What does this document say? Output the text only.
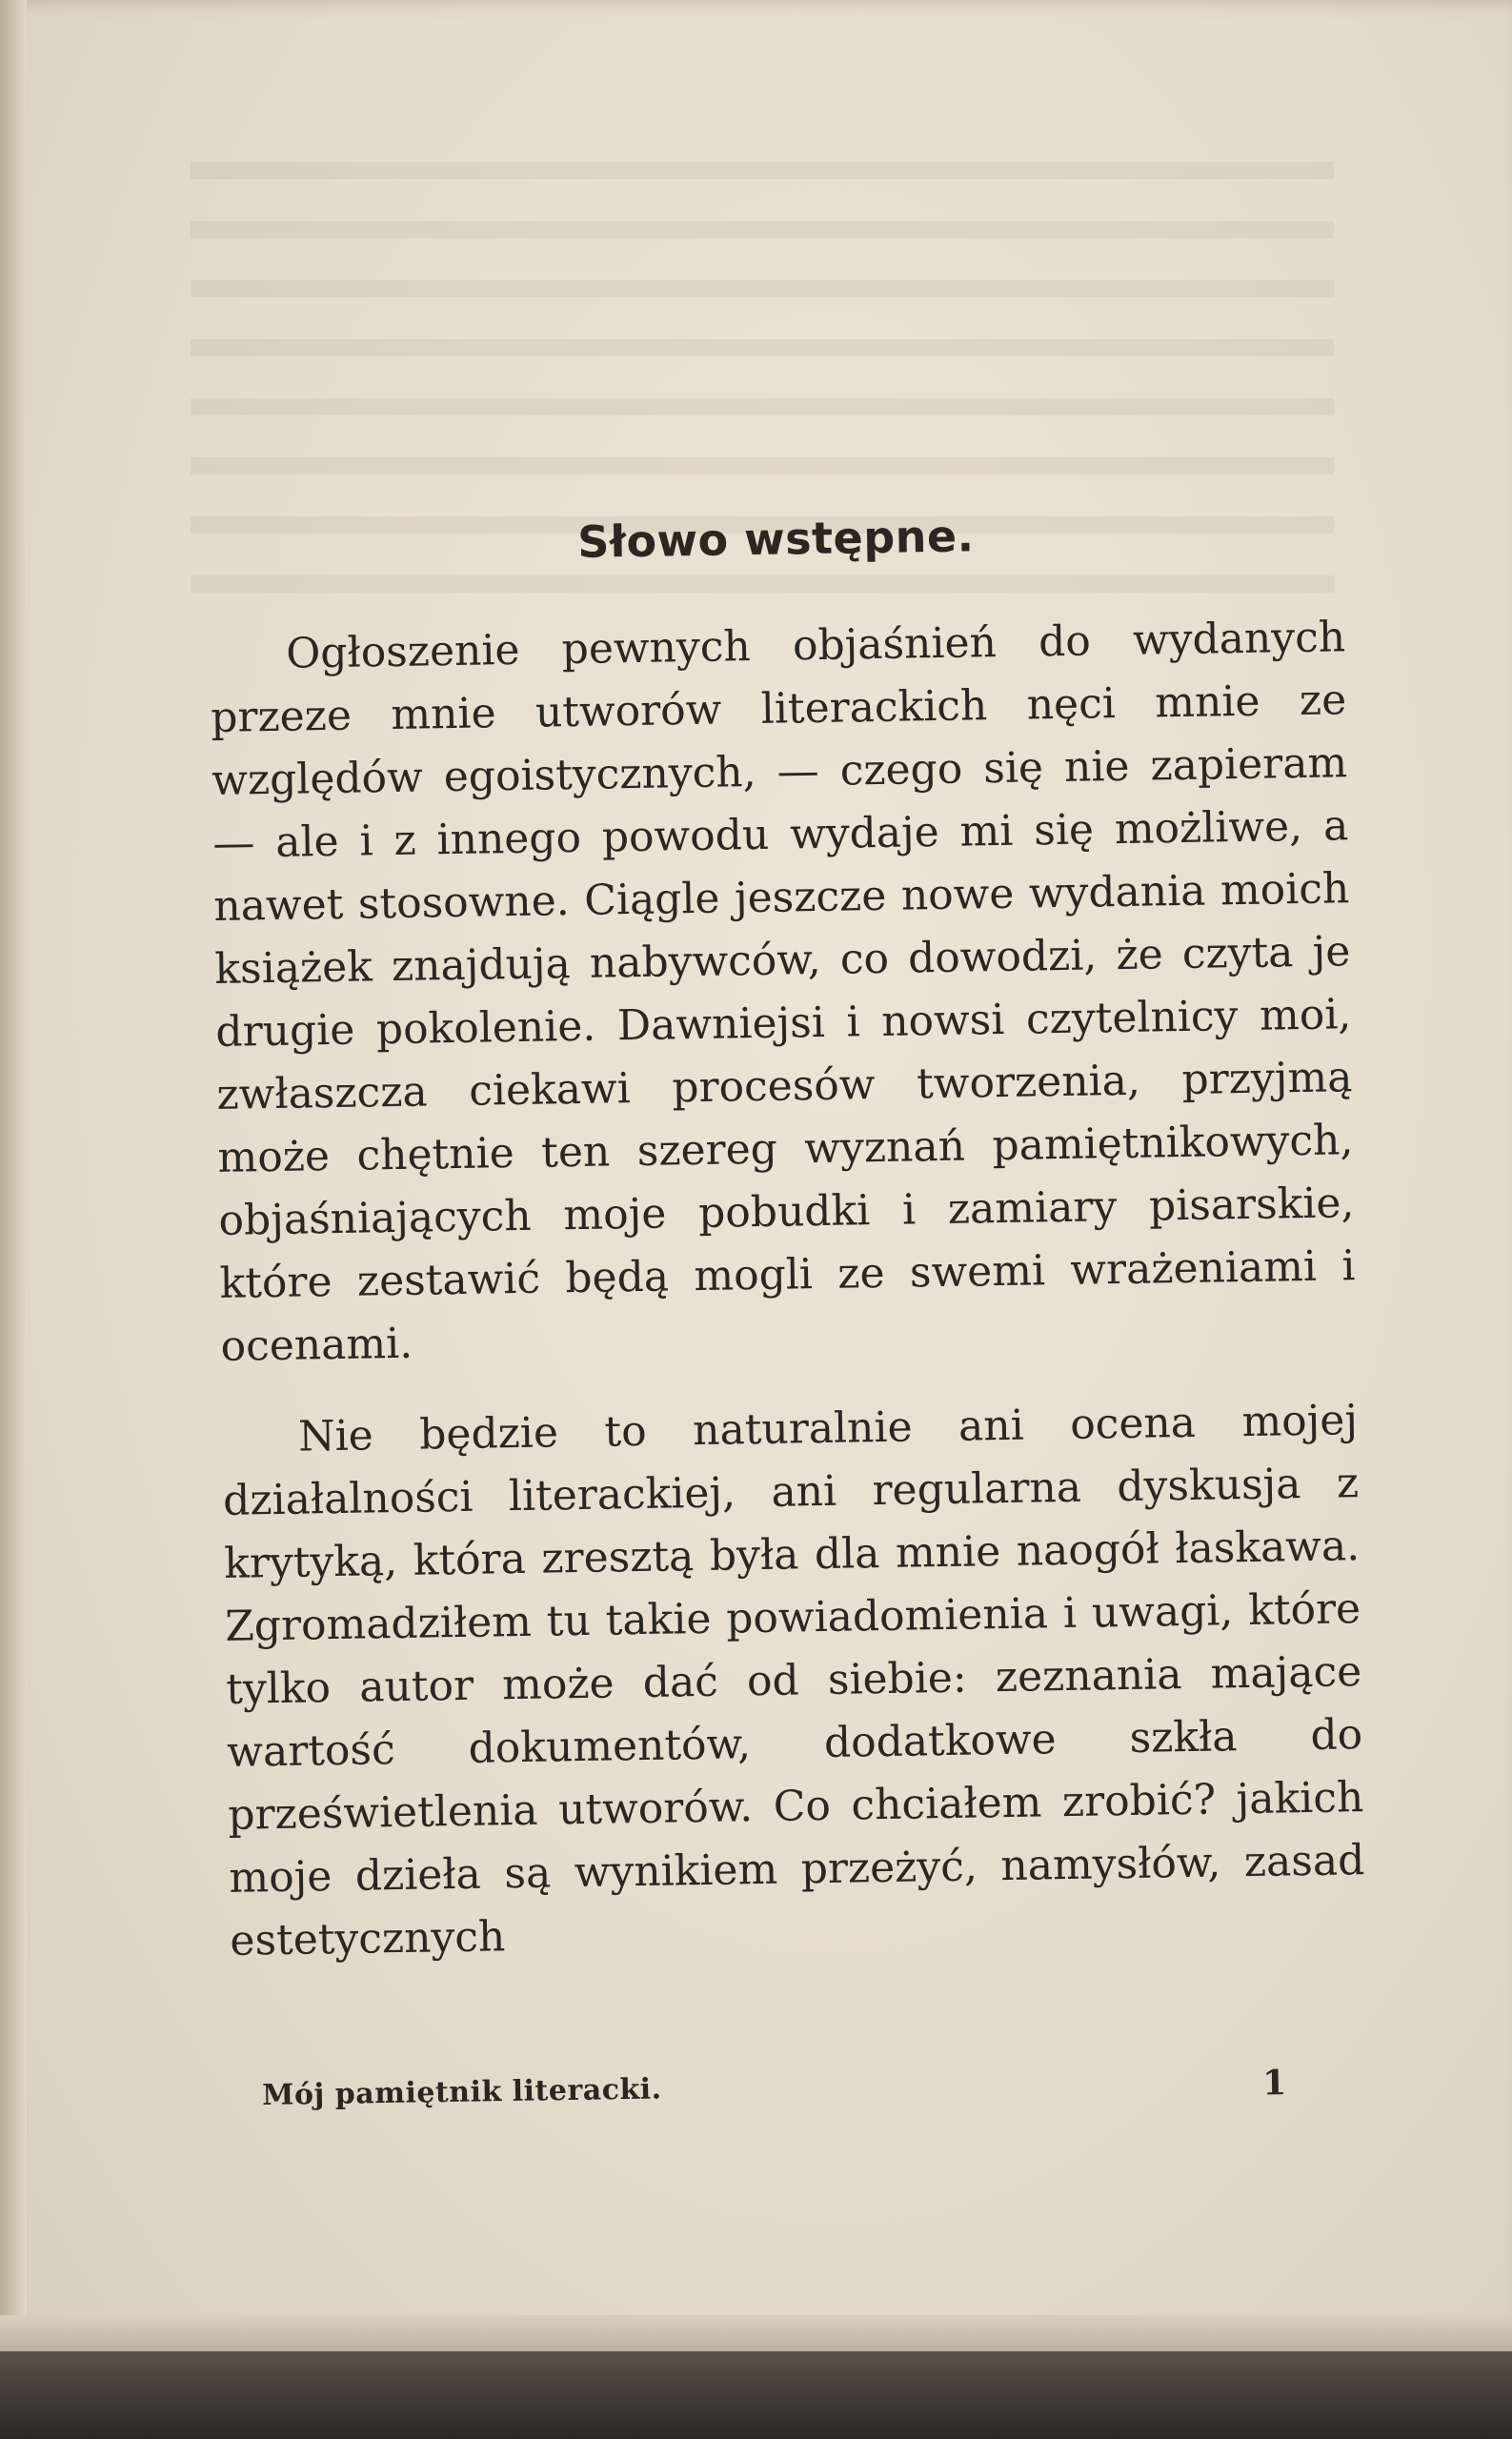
Słowo wstępne.

Ogłoszenie pewnych objaśnień do wydanych przeze mnie utworów literackich nęci mnie ze względów egoistycznych, — czego się nie zapieram — ale i z innego powodu wydaje mi się możliwe, a nawet stosowne. Ciągle jeszcze nowe wydania moich książek znajdują nabywców, co dowodzi, że czyta je drugie pokolenie. Dawniejsi i nowsi czytelnicy moi, zwłaszcza ciekawi procesów tworzenia, przyjmą może chętnie ten szereg wyznań pamiętnikowych, objaśniających moje pobudki i zamiary pisarskie, które zestawić będą mogli ze swemi wrażeniami i ocenami.

Nie będzie to naturalnie ani ocena mojej działalności literackiej, ani regularna dyskusja z krytyką, która zresztą była dla mnie naogół łaskawa. Zgromadziłem tu takie powiadomienia i uwagi, które tylko autor może dać od siebie: zeznania mające wartość dokumentów, dodatkowe szkła do prześwietlenia utworów. Co chciałem zrobić? jakich moje dzieła są wynikiem przeżyć, namysłów, zasad estetycznych

Mój pamiętnik literacki.	1
